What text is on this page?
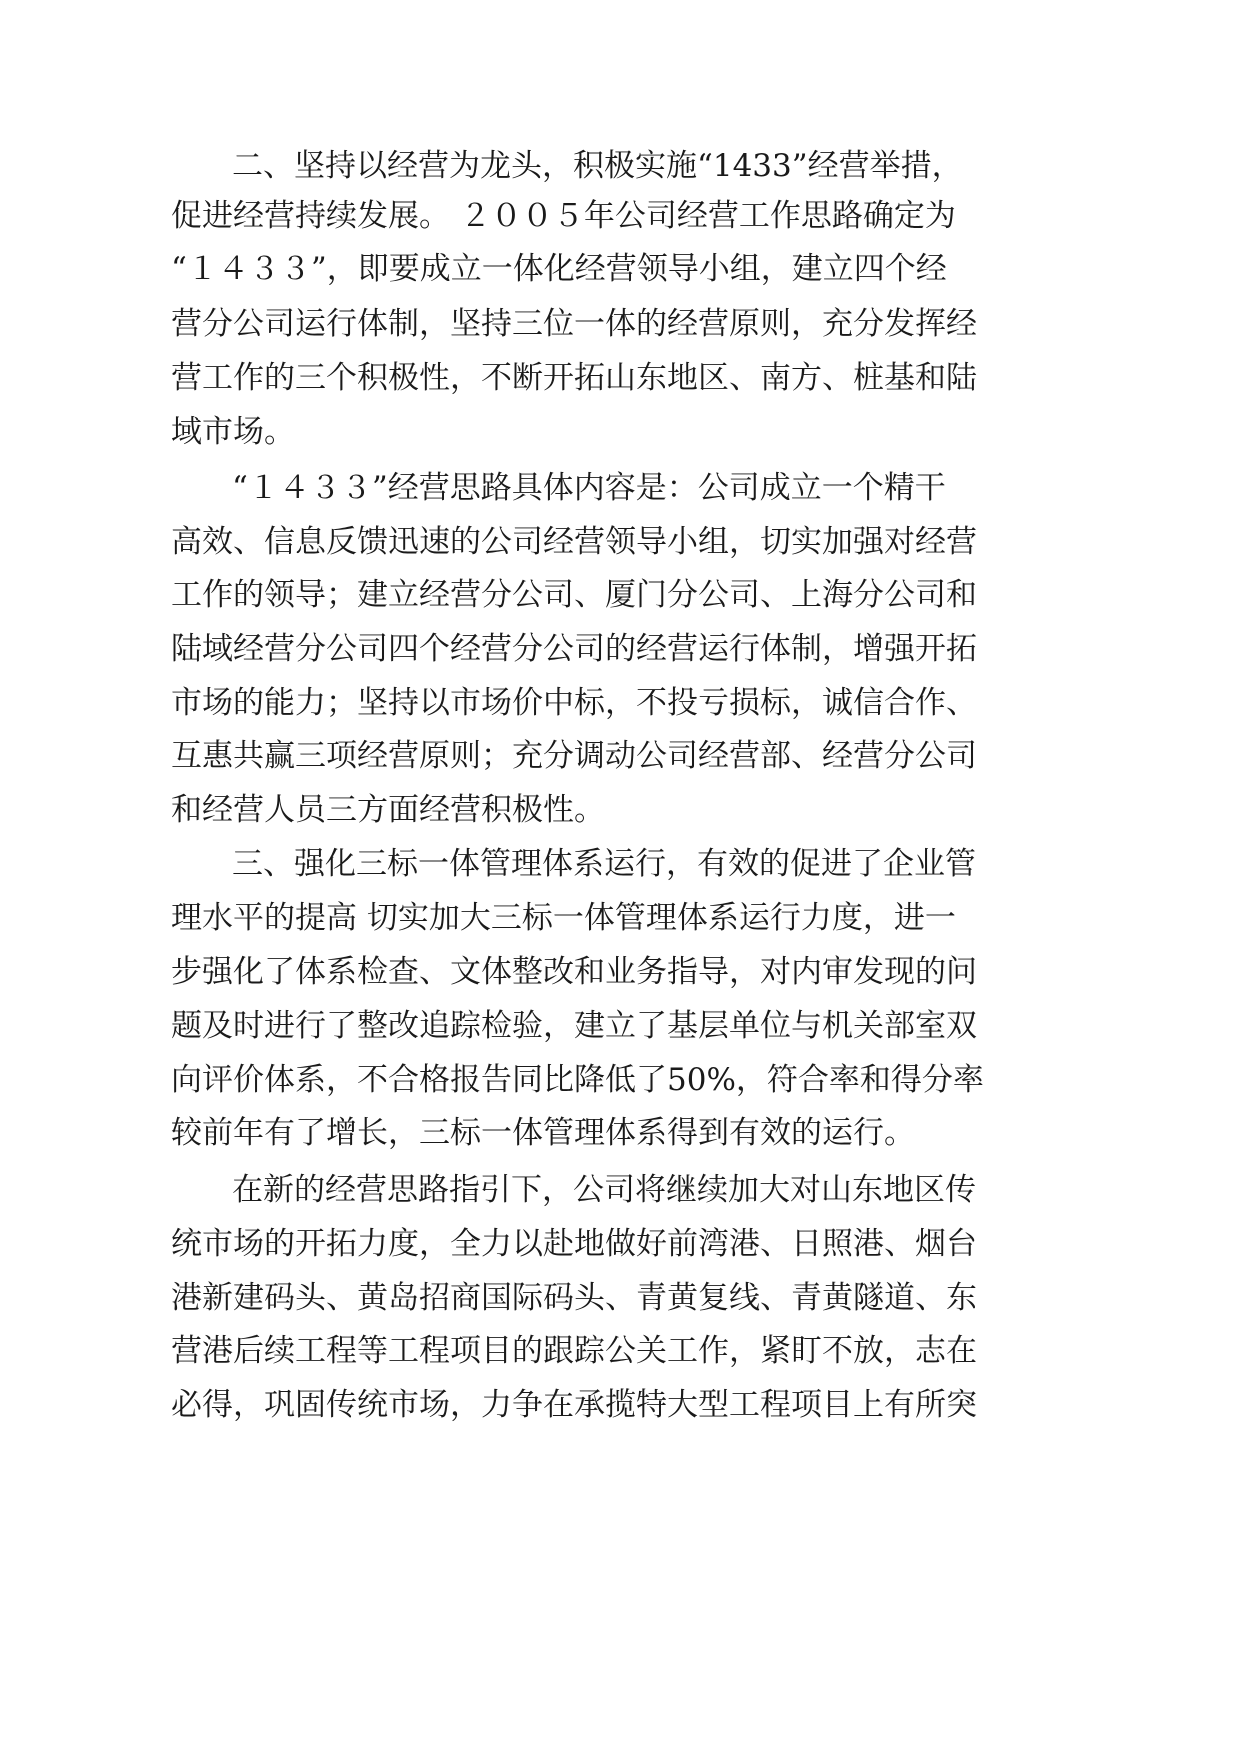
二、坚持以经营为龙头，积极实施“1433”经营举措，
促进经营持续发展。 ２００５年公司经营工作思路确定为
“１４３３”，即要成立一体化经营领导小组，建立四个经
营分公司运行体制，坚持三位一体的经营原则，充分发挥经
营工作的三个积极性，不断开拓山东地区、南方、桩基和陆
域市场。
“１４３３”经营思路具体内容是：公司成立一个精干
高效、信息反馈迅速的公司经营领导小组，切实加强对经营
工作的领导；建立经营分公司、厦门分公司、上海分公司和
陆域经营分公司四个经营分公司的经营运行体制，增强开拓
市场的能力；坚持以市场价中标，不投亏损标，诚信合作、
互惠共赢三项经营原则；充分调动公司经营部、经营分公司
和经营人员三方面经营积极性。
三、强化三标一体管理体系运行，有效的促进了企业管
理水平的提高 切实加大三标一体管理体系运行力度，进一
步强化了体系检查、文体整改和业务指导，对内审发现的问
题及时进行了整改追踪检验，建立了基层单位与机关部室双
向评价体系，不合格报告同比降低了50%，符合率和得分率
较前年有了增长，三标一体管理体系得到有效的运行。
在新的经营思路指引下，公司将继续加大对山东地区传
统市场的开拓力度，全力以赴地做好前湾港、日照港、烟台
港新建码头、黄岛招商国际码头、青黄复线、青黄隧道、东
营港后续工程等工程项目的跟踪公关工作，紧盯不放，志在
必得，巩固传统市场，力争在承揽特大型工程项目上有所突
